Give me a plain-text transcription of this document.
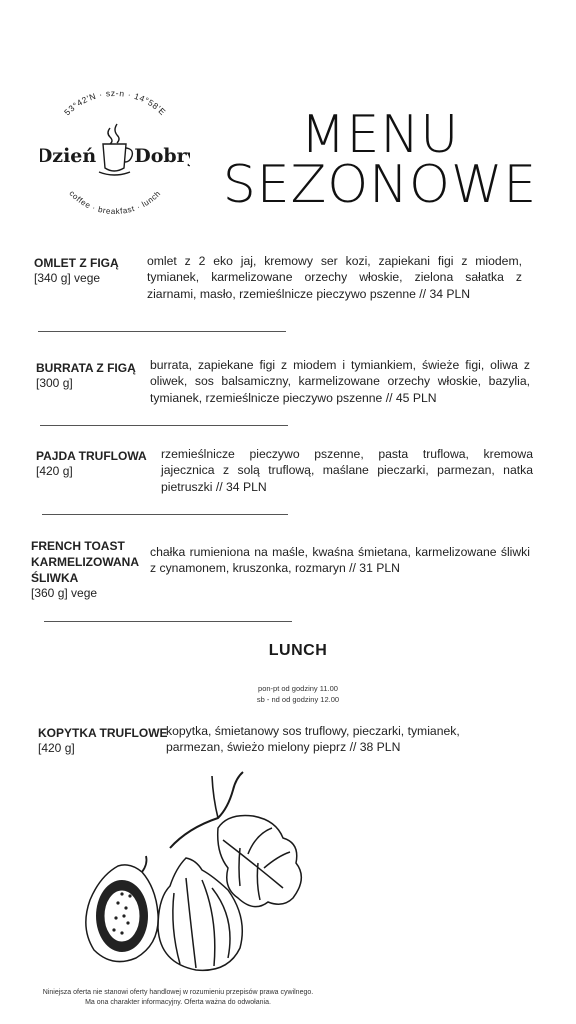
53°42'N · sz-n · 14°58'E
coffee · breakfast · lunch
Dzień Dobr	MENU
SEZONOWE
OMLET Z FIGĄ
[340 g] vege
omlet z 2 eko jaj, kremowy ser kozi, zapiekani figi z miodem, tymianek, karmelizowane orzechy włoskie, zielona sałatka z ziarnami, masło, rzemieślnicze pieczywo pszenne // 34 PLN
BURRATA Z FIGĄ
[300 g]
burrata, zapiekane figi z miodem i tymiankiem, świeże figi, oliwa z oliwek, sos balsamiczny, karmelizowane orzechy włoskie, bazylia, tymianek, rzemieślnicze pieczywo pszenne // 45 PLN
PAJDA TRUFLOWA
[420 g]
rzemieślnicze pieczywo pszenne, pasta truflowa, kremowa jajecznica z solą truflową, maślane pieczarki, parmezan, natka pietruszki // 34 PLN
FRENCH TOAST
KARMELIZOWANA
ŚLIWKA
[360 g] vege
chałka rumieniona na maśle, kwaśna śmietana, karmelizowane śliwki z cynamonem, kruszonka, rozmaryn // 31 PLN
LUNCH
pon-pt od godziny 11.00
sb - nd od godziny 12.00
KOPYTKA TRUFLOWE
[420 g]
kopytka, śmietanowy sos truflowy, pieczarki, tymianek, parmezan, świeżo mielony pieprz // 38 PLN
Niniejsza oferta nie stanowi oferty handlowej w rozumieniu przepisów prawa cywilnego.
Ma ona charakter informacyjny. Oferta ważna do odwołania.
